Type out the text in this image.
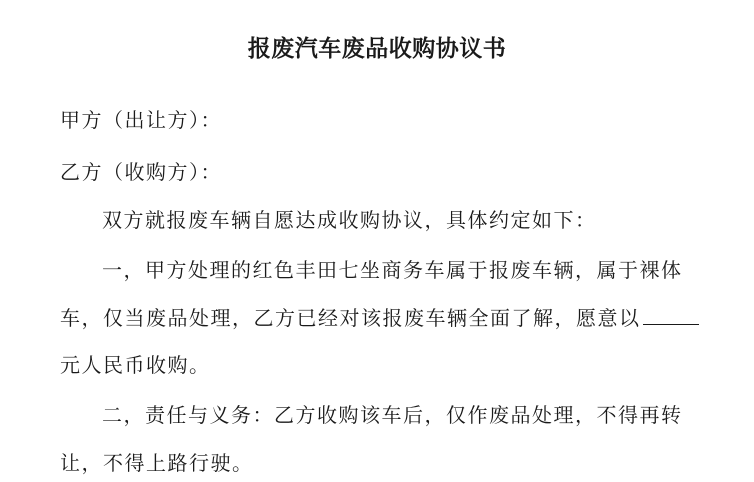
报废汽车废品收购协议书
甲方（出让方）：
乙方（收购方）：
双方就报废车辆自愿达成收购协议，具体约定如下：
一，甲方处理的红色丰田七坐商务车属于报废车辆，属于裸体
车，仅当废品处理，乙方已经对该报废车辆全面了解，愿意以
元人民币收购。
二，责任与义务：乙方收购该车后，仅作废品处理，不得再转
让，不得上路行驶。
